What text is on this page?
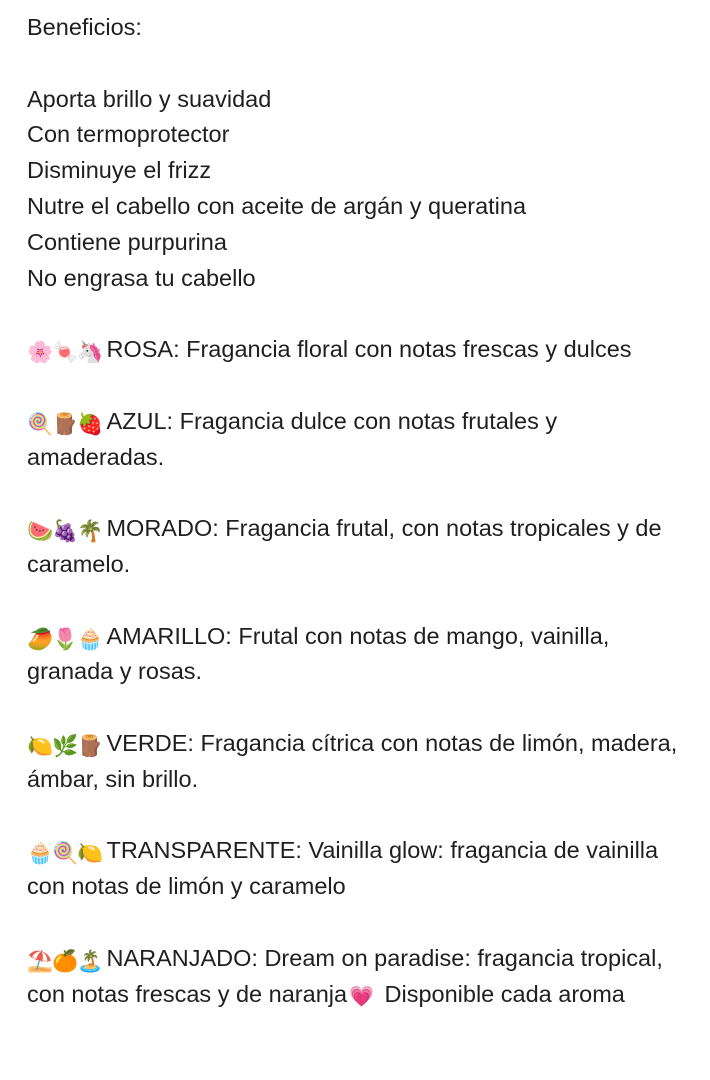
Beneficios:
Aporta brillo y suavidad
Con termoprotector
Disminuye el frizz
Nutre el cabello con aceite de argán y queratina
Contiene purpurina
No engrasa tu cabello
🌸🍬🦄 ROSA: Fragancia floral con notas frescas y dulces
🍭🪵🍓 AZUL: Fragancia dulce con notas frutales y amaderadas.
🍉🍇🌴 MORADO: Fragancia frutal, con notas tropicales y de caramelo.
🥭🌷🧁 AMARILLO: Frutal con notas de mango, vainilla, granada y rosas.
🍋🌿🪵 VERDE: Fragancia cítrica con notas de limón, madera, ámbar, sin brillo.
🧁🍭🍋 TRANSPARENTE: Vainilla glow: fragancia de vainilla con notas de limón y caramelo
⛱️🍊🏝️ NARANJADO: Dream on paradise: fragancia tropical, con notas frescas y de naranja 💗 Disponible cada aroma
